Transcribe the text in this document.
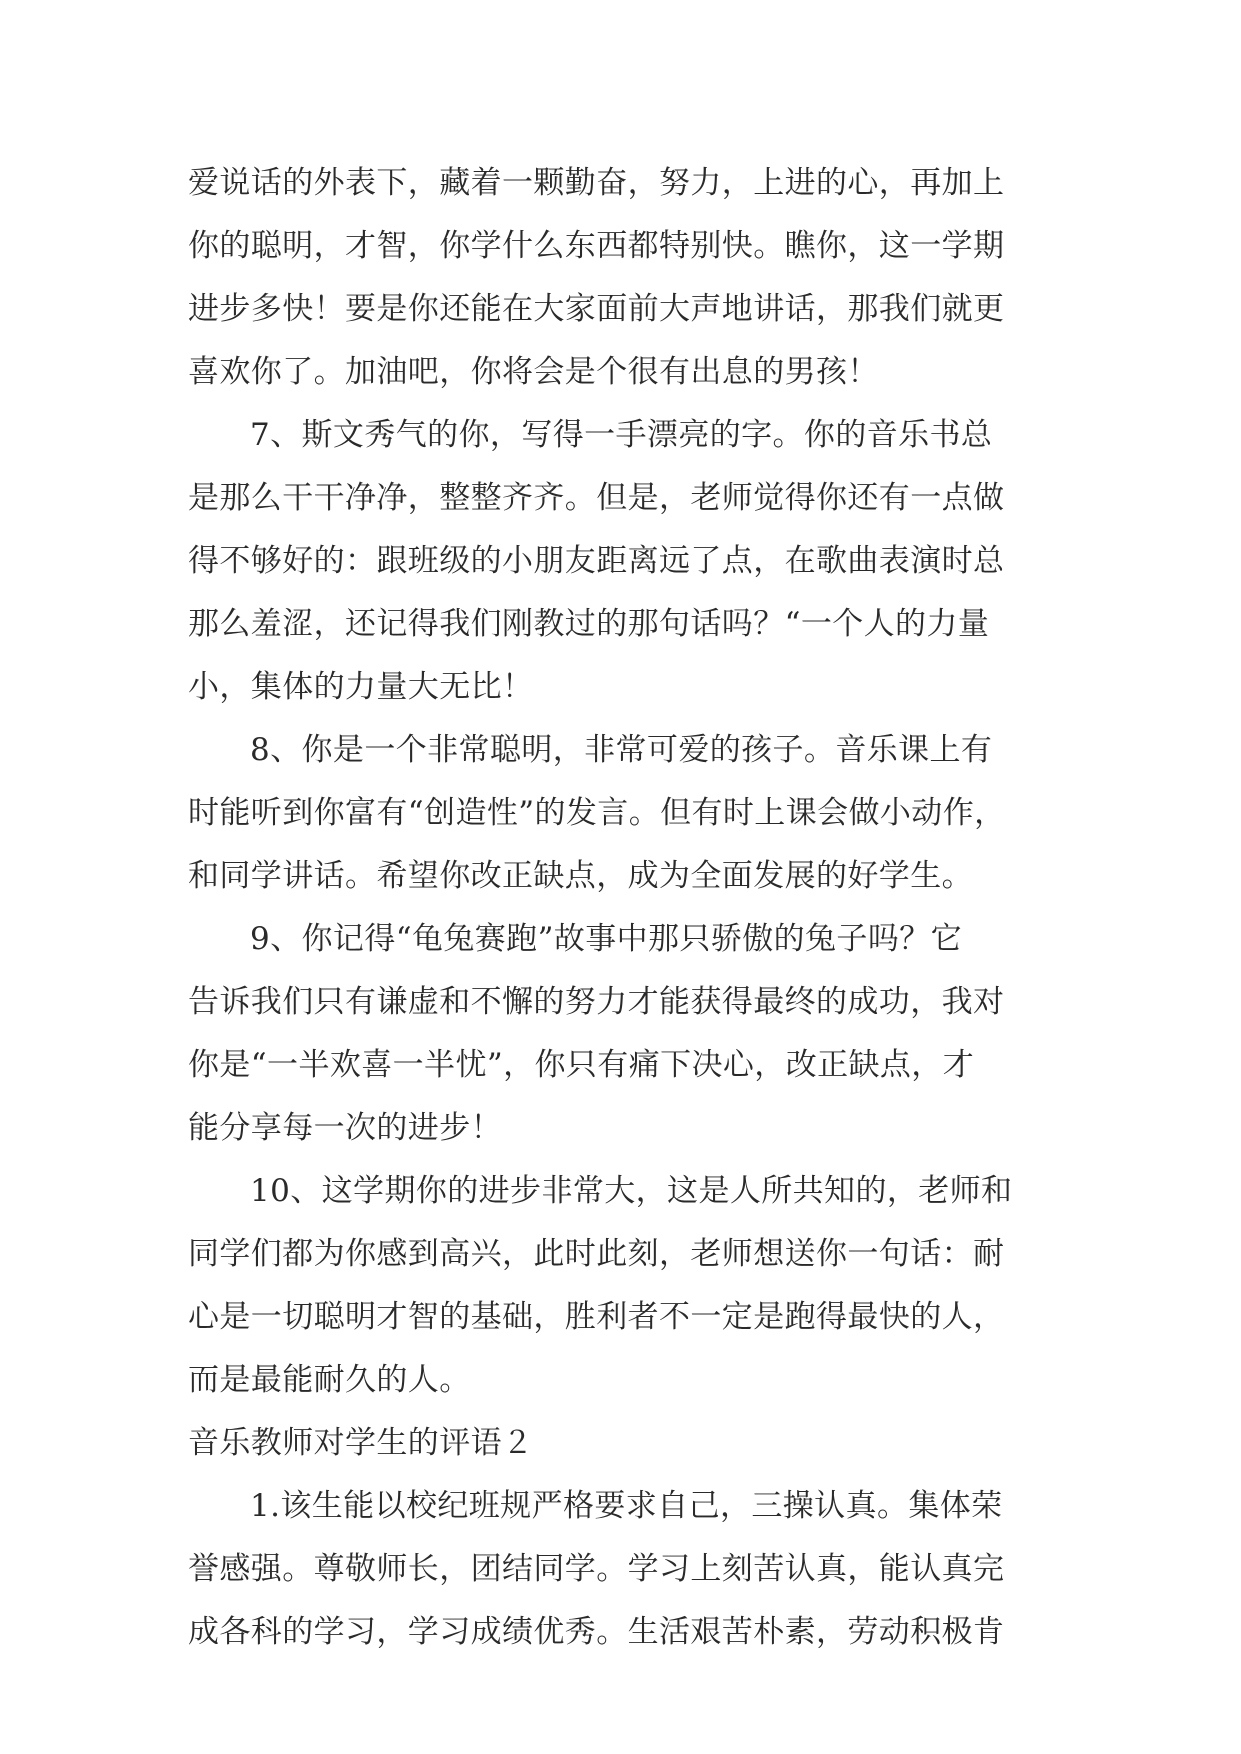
爱说话的外表下，藏着一颗勤奋，努力，上进的心，再加上
你的聪明，才智，你学什么东西都特别快。瞧你，这一学期
进步多快！要是你还能在大家面前大声地讲话，那我们就更
喜欢你了。加油吧，你将会是个很有出息的男孩！
7、斯文秀气的你，写得一手漂亮的字。你的音乐书总
是那么干干净净，整整齐齐。但是，老师觉得你还有一点做
得不够好的：跟班级的小朋友距离远了点，在歌曲表演时总
那么羞涩，还记得我们刚教过的那句话吗？“一个人的力量
小，集体的力量大无比！
8、你是一个非常聪明，非常可爱的孩子。音乐课上有
时能听到你富有“创造性”的发言。但有时上课会做小动作，
和同学讲话。希望你改正缺点，成为全面发展的好学生。
9、你记得“龟兔赛跑”故事中那只骄傲的兔子吗？它
告诉我们只有谦虚和不懈的努力才能获得最终的成功，我对
你是“一半欢喜一半忧”，你只有痛下决心，改正缺点，才
能分享每一次的进步！
10、这学期你的进步非常大，这是人所共知的，老师和
同学们都为你感到高兴，此时此刻，老师想送你一句话：耐
心是一切聪明才智的基础，胜利者不一定是跑得最快的人，
而是最能耐久的人。
音乐教师对学生的评语２
1.该生能以校纪班规严格要求自己，三操认真。集体荣
誉感强。尊敬师长，团结同学。学习上刻苦认真，能认真完
成各科的学习，学习成绩优秀。生活艰苦朴素，劳动积极肯
